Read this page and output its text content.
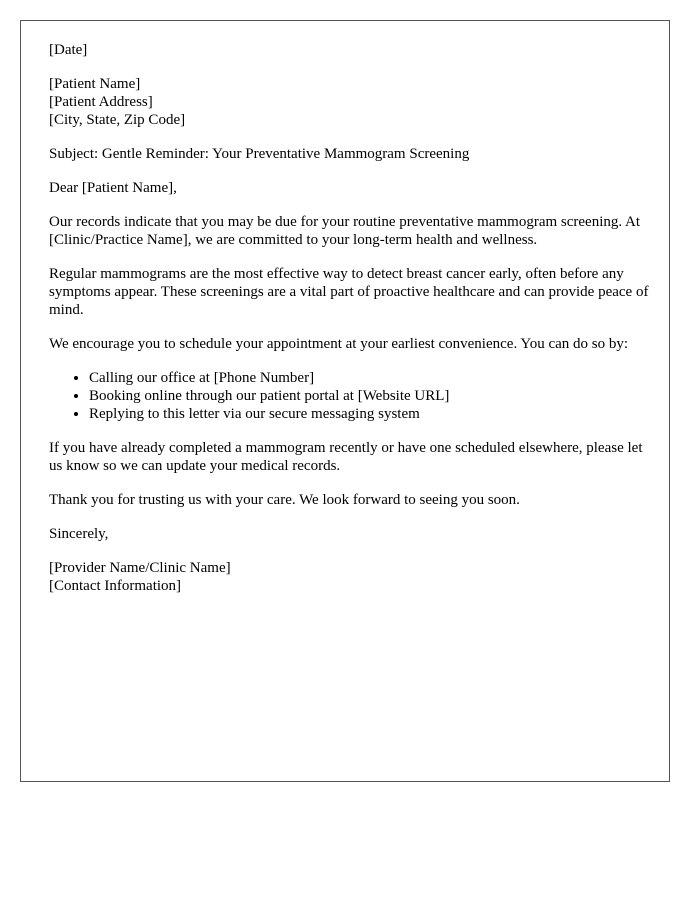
[Date]

[Patient Name]
[Patient Address]
[City, State, Zip Code]

Subject: Gentle Reminder: Your Preventative Mammogram Screening

Dear [Patient Name],

Our records indicate that you may be due for your routine preventative mammogram screening. At [Clinic/Practice Name], we are committed to your long-term health and wellness.

Regular mammograms are the most effective way to detect breast cancer early, often before any symptoms appear. These screenings are a vital part of proactive healthcare and can provide peace of mind.

We encourage you to schedule your appointment at your earliest convenience. You can do so by:

• Calling our office at [Phone Number]
• Booking online through our patient portal at [Website URL]
• Replying to this letter via our secure messaging system

If you have already completed a mammogram recently or have one scheduled elsewhere, please let us know so we can update your medical records.

Thank you for trusting us with your care. We look forward to seeing you soon.

Sincerely,

[Provider Name/Clinic Name]
[Contact Information]
